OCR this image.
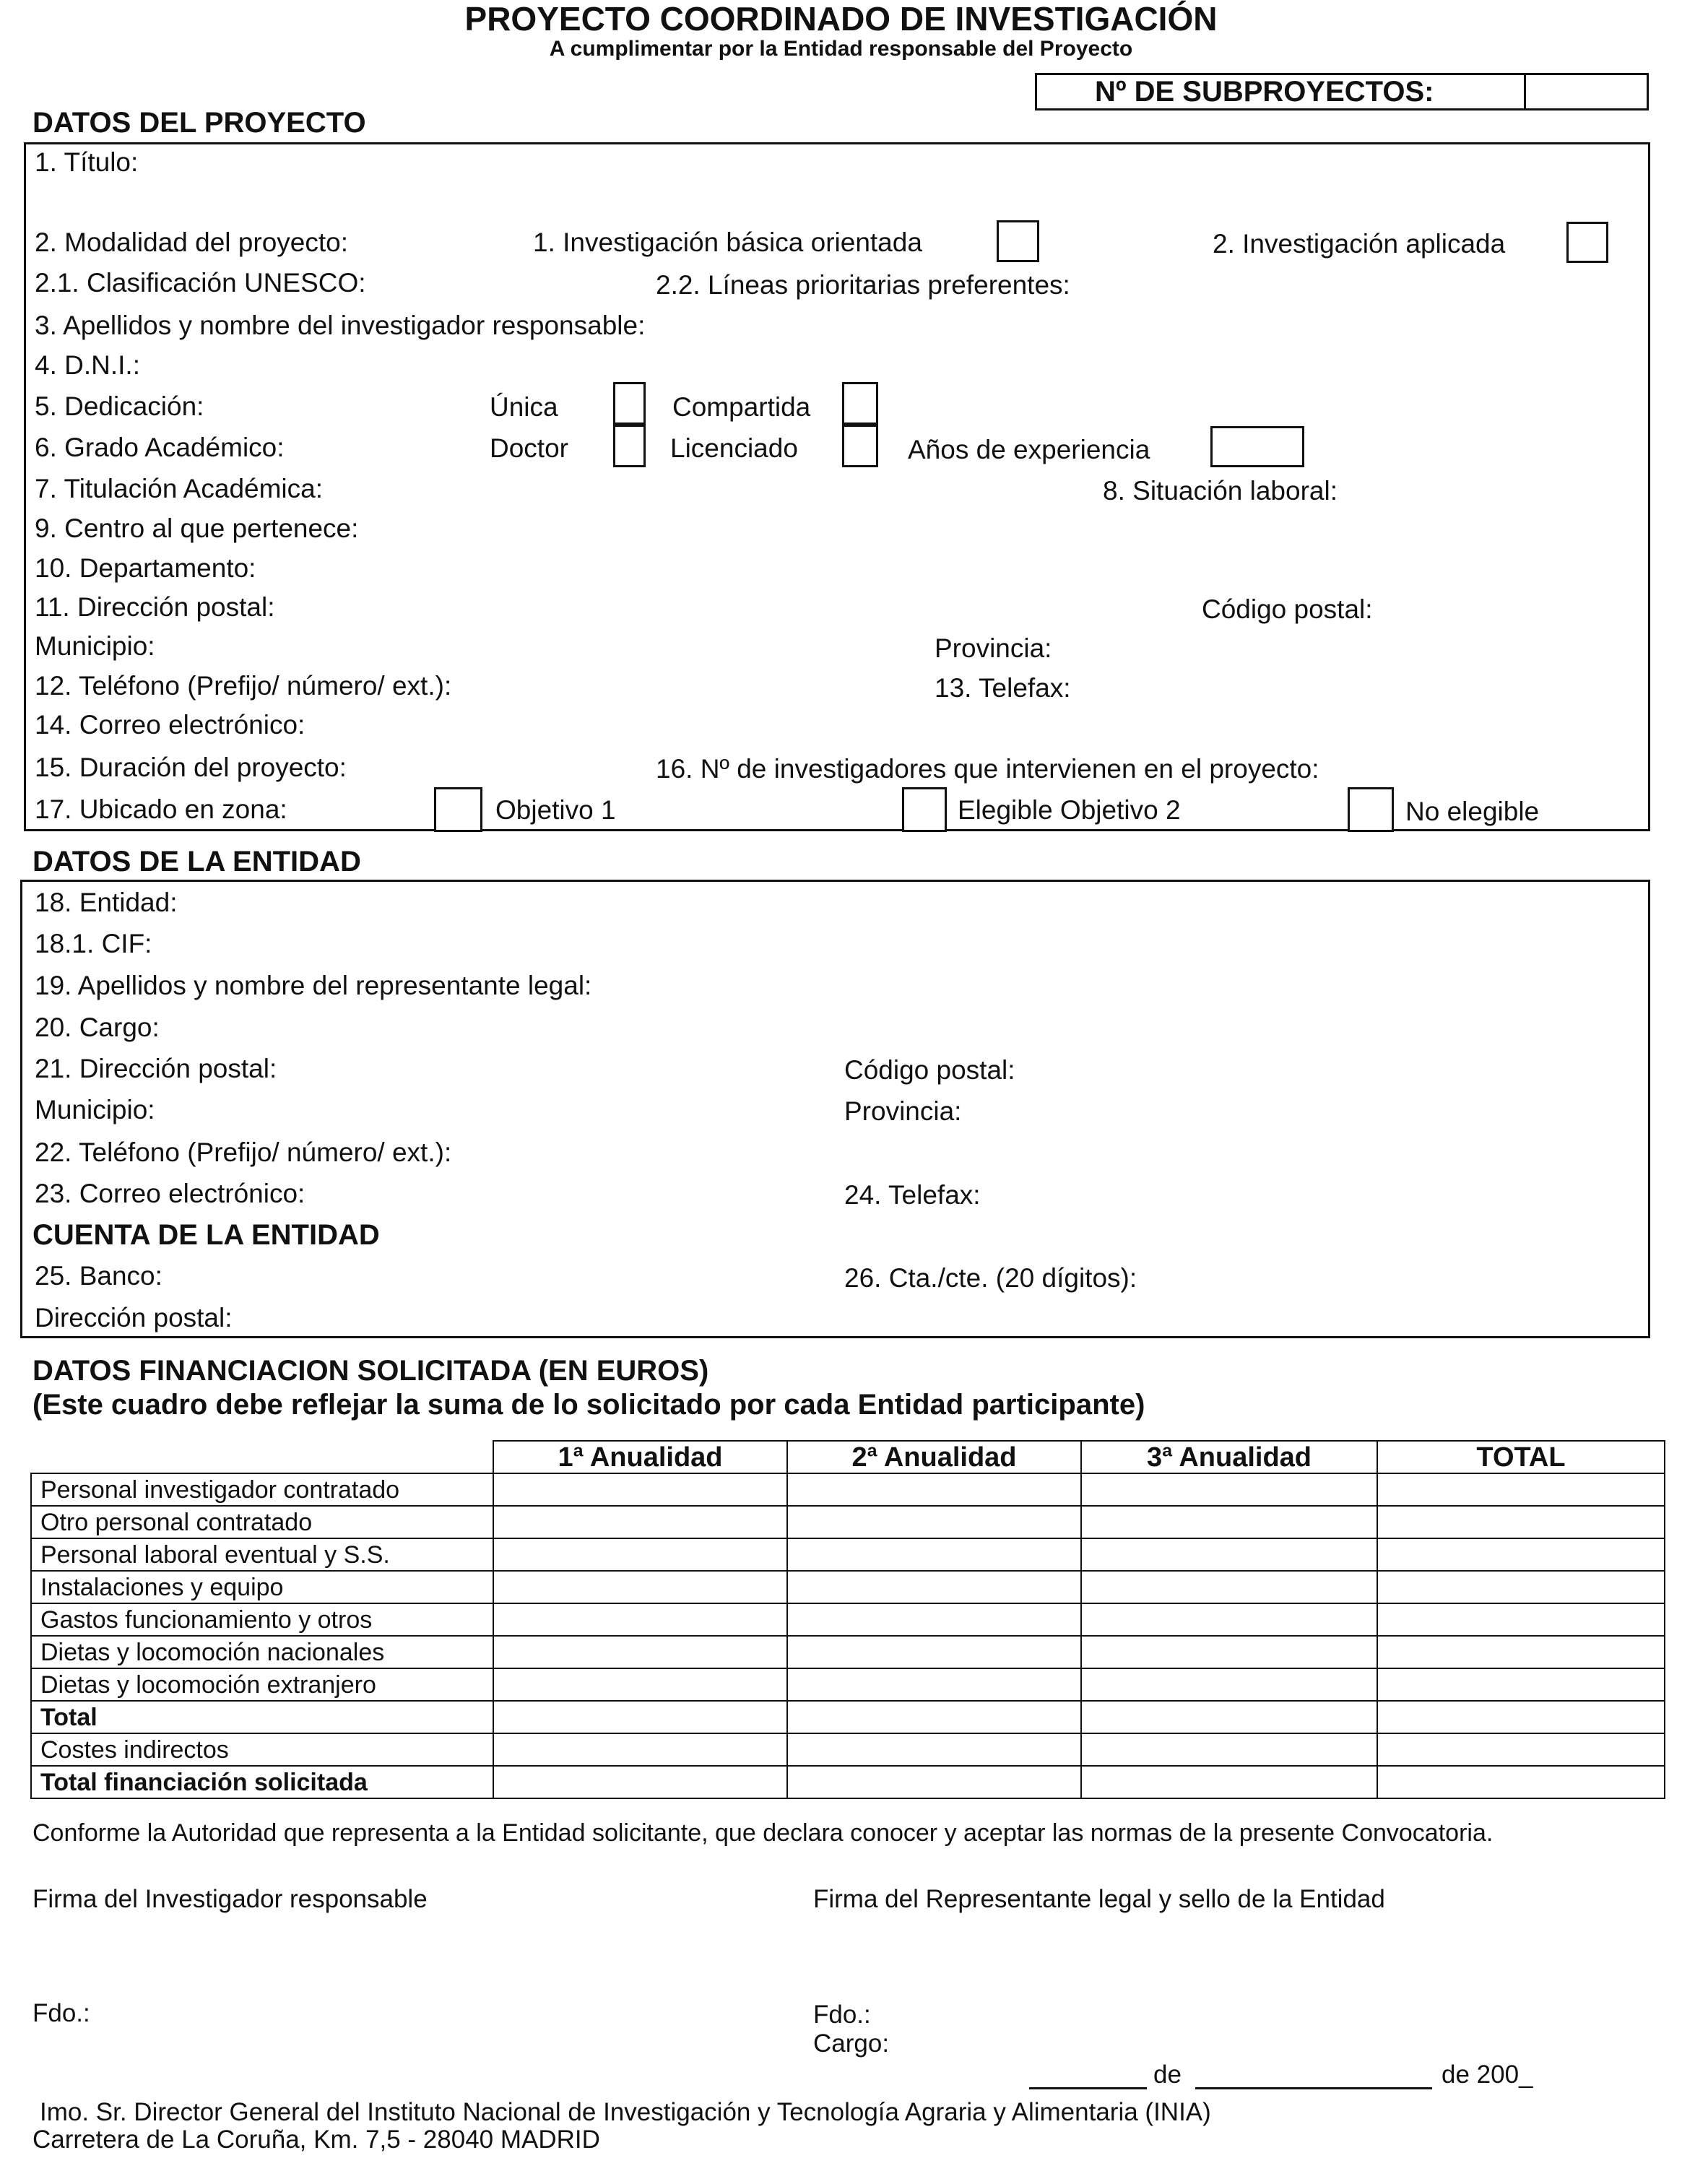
PROYECTO COORDINADO DE INVESTIGACIÓN
A cumplimentar por la Entidad responsable del Proyecto
Nº DE SUBPROYECTOS:
DATOS DEL PROYECTO
1. Título:
2. Modalidad del proyecto:	1. Investigación básica orientada	2. Investigación aplicada
2.1. Clasificación UNESCO:	2.2. Líneas prioritarias preferentes:
3. Apellidos y nombre del investigador responsable:
4. D.N.I.:
5. Dedicación:	Única	Compartida
6. Grado Académico:	Doctor	Licenciado	Años de experiencia
7. Titulación Académica:	8. Situación laboral:
9. Centro al que pertenece:
10. Departamento:
11. Dirección postal:	Código postal:
Municipio:	Provincia:
12. Teléfono (Prefijo/ número/ ext.):	13. Telefax:
14. Correo electrónico:
15. Duración del proyecto:	16. Nº de investigadores que intervienen en el proyecto:
17. Ubicado en zona:	Objetivo 1	Elegible Objetivo 2	No elegible
DATOS DE LA ENTIDAD
18. Entidad:
18.1. CIF:
19. Apellidos y nombre del representante legal:
20. Cargo:
21. Dirección postal:	Código postal:
Municipio:	Provincia:
22. Teléfono (Prefijo/ número/ ext.):
23. Correo electrónico:	24. Telefax:
CUENTA DE LA ENTIDAD
25. Banco:	26. Cta./cte. (20 dígitos):
Dirección postal:
DATOS FINANCIACION SOLICITADA (EN EUROS)
(Este cuadro debe reflejar la suma de lo solicitado por cada Entidad participante)
	1ª Anualidad	2ª Anualidad	3ª Anualidad	TOTAL
Personal investigador contratado				
Otro personal contratado				
Personal laboral eventual y S.S.				
Instalaciones y equipo				
Gastos funcionamiento y otros				
Dietas y locomoción nacionales				
Dietas y locomoción extranjero				
Total				
Costes indirectos				
Total financiación solicitada				
Conforme la Autoridad que representa a la Entidad solicitante, que declara conocer y aceptar las normas de la presente Convocatoria.
Firma del Investigador responsable	Firma del Representante legal y sello de la Entidad
Fdo.:	Fdo.:
Cargo:
de	de 200_
Imo. Sr. Director General del Instituto Nacional de Investigación y Tecnología Agraria y Alimentaria (INIA)
Carretera de La Coruña, Km. 7,5 - 28040 MADRID
